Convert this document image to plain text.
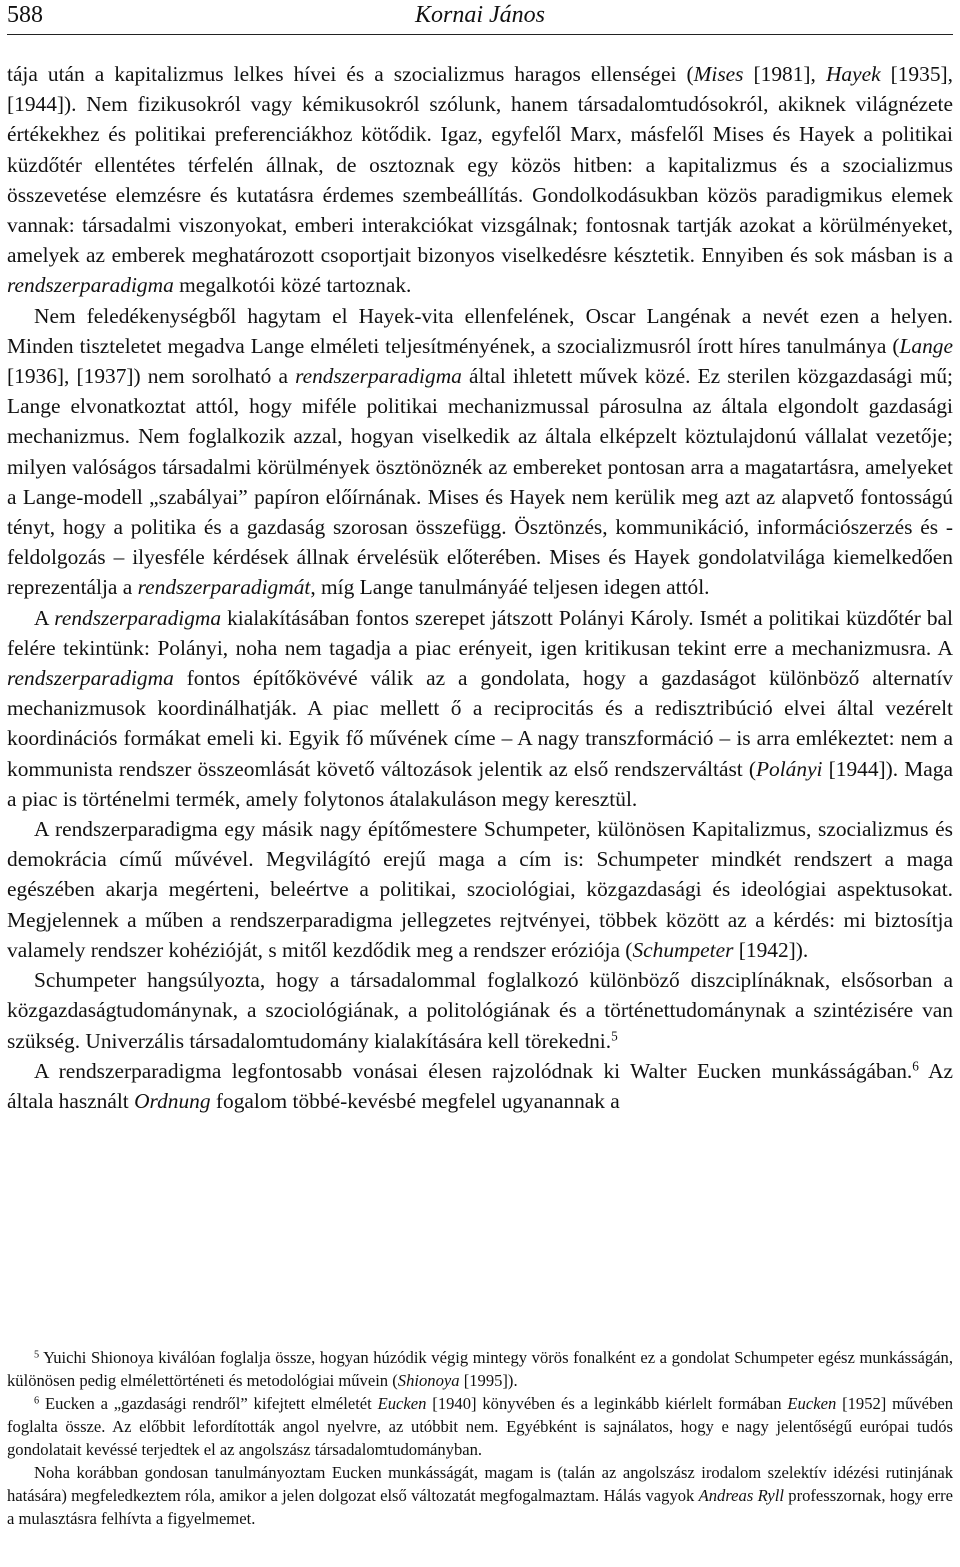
588	Kornai János

tája után a kapitalizmus lelkes hívei és a szocializmus haragos ellenségei (Mises [1981], Hayek [1935], [1944]). Nem fizikusokról vagy kémikusokról szólunk, hanem társadalomtudósokról, akiknek világnézete értékekhez és politikai preferenciákhoz kötődik. Igaz, egyfelől Marx, másfelől Mises és Hayek a politikai küzdőtér ellentétes térfelén állnak, de osztoznak egy közös hitben: a kapitalizmus és a szocializmus összevetése elemzésre és kutatásra érdemes szembeállítás. Gondolkodásukban közös paradigmikus elemek vannak: társadalmi viszonyokat, emberi interakciókat vizsgálnak; fontosnak tartják azokat a körülményeket, amelyek az emberek meghatározott csoportjait bizonyos viselkedésre késztetik. Ennyiben és sok másban is a rendszerparadigma megalkotói közé tartoznak.

Nem feledékenységből hagytam el Hayek-vita ellenfelének, Oscar Langénak a nevét ezen a helyen. Minden tiszteletet megadva Lange elméleti teljesítményének, a szocializmusról írott híres tanulmánya (Lange [1936], [1937]) nem sorolható a rendszerparadigma által ihletett művek közé. Ez sterilen közgazdasági mű; Lange elvonatkoztat attól, hogy miféle politikai mechanizmussal párosulna az általa elgondolt gazdasági mechanizmus. Nem foglalkozik azzal, hogyan viselkedik az általa elképzelt köztulajdonú vállalat vezetője; milyen valóságos társadalmi körülmények ösztönöznék az embereket pontosan arra a magatartásra, amelyeket a Lange-modell „szabályai” papíron előírnának. Mises és Hayek nem kerülik meg azt az alapvető fontosságú tényt, hogy a politika és a gazdaság szorosan összefügg. Ösztönzés, kommunikáció, információszerzés és -feldolgozás – ilyesféle kérdések állnak érvelésük előterében. Mises és Hayek gondolatvilága kiemelkedően reprezentálja a rendszerparadigmát, míg Lange tanulmányáé teljesen idegen attól.

A rendszerparadigma kialakításában fontos szerepet játszott Polányi Károly. Ismét a politikai küzdőtér bal felére tekintünk: Polányi, noha nem tagadja a piac erényeit, igen kritikusan tekint erre a mechanizmusra. A rendszerparadigma fontos építőkövévé válik az a gondolata, hogy a gazdaságot különböző alternatív mechanizmusok koordinálhatják. A piac mellett ő a reciprocitás és a redisztribúció elvei által vezérelt koordinációs formákat emeli ki. Egyik fő művének címe – A nagy transzformáció – is arra emlékeztet: nem a kommunista rendszer összeomlását követő változások jelentik az első rendszerváltást (Polányi [1944]). Maga a piac is történelmi termék, amely folytonos átalakuláson megy keresztül.

A rendszerparadigma egy másik nagy építőmestere Schumpeter, különösen Kapitalizmus, szocializmus és demokrácia című művével. Megvilágító erejű maga a cím is: Schumpeter mindkét rendszert a maga egészében akarja megérteni, beleértve a politikai, szociológiai, közgazdasági és ideológiai aspektusokat. Megjelennek a műben a rendszerparadigma jellegzetes rejtvényei, többek között az a kérdés: mi biztosítja valamely rendszer kohézióját, s mitől kezdődik meg a rendszer eróziója (Schumpeter [1942]).

Schumpeter hangsúlyozta, hogy a társadalommal foglalkozó különböző diszciplínáknak, elsősorban a közgazdaságtudománynak, a szociológiának, a politológiának és a történettudománynak a szintézisére van szükség. Univerzális társadalomtudomány kialakítására kell törekedni.$^5$

A rendszerparadigma legfontosabb vonásai élesen rajzolódnak ki Walter Eucken munkásságában.$^6$ Az általa használt Ordnung fogalom többé-kevésbé megfelel ugyanannak a

$^5$ Yuichi Shionoya kiválóan foglalja össze, hogyan húzódik végig mintegy vörös fonalként ez a gondolat Schumpeter egész munkásságán, különösen pedig elmélettörténeti és metodológiai művein (Shionoya [1995]).

$^6$ Eucken a „gazdasági rendről” kifejtett elméletét Eucken [1940] könyvében és a leginkább kiérlelt formában Eucken [1952] művében foglalta össze. Az előbbit lefordították angol nyelvre, az utóbbit nem. Egyébként is sajnálatos, hogy e nagy jelentőségű európai tudós gondolatait kevéssé terjedtek el az angolszász társadalomtudományban.

Noha korábban gondosan tanulmányoztam Eucken munkásságát, magam is (talán az angolszász irodalom szelektív idézési rutinjának hatására) megfeledkeztem róla, amikor a jelen dolgozat első változatát megfogalmaztam. Hálás vagyok Andreas Ryll professzornak, hogy erre a mulasztásra felhívta a figyelmemet.
